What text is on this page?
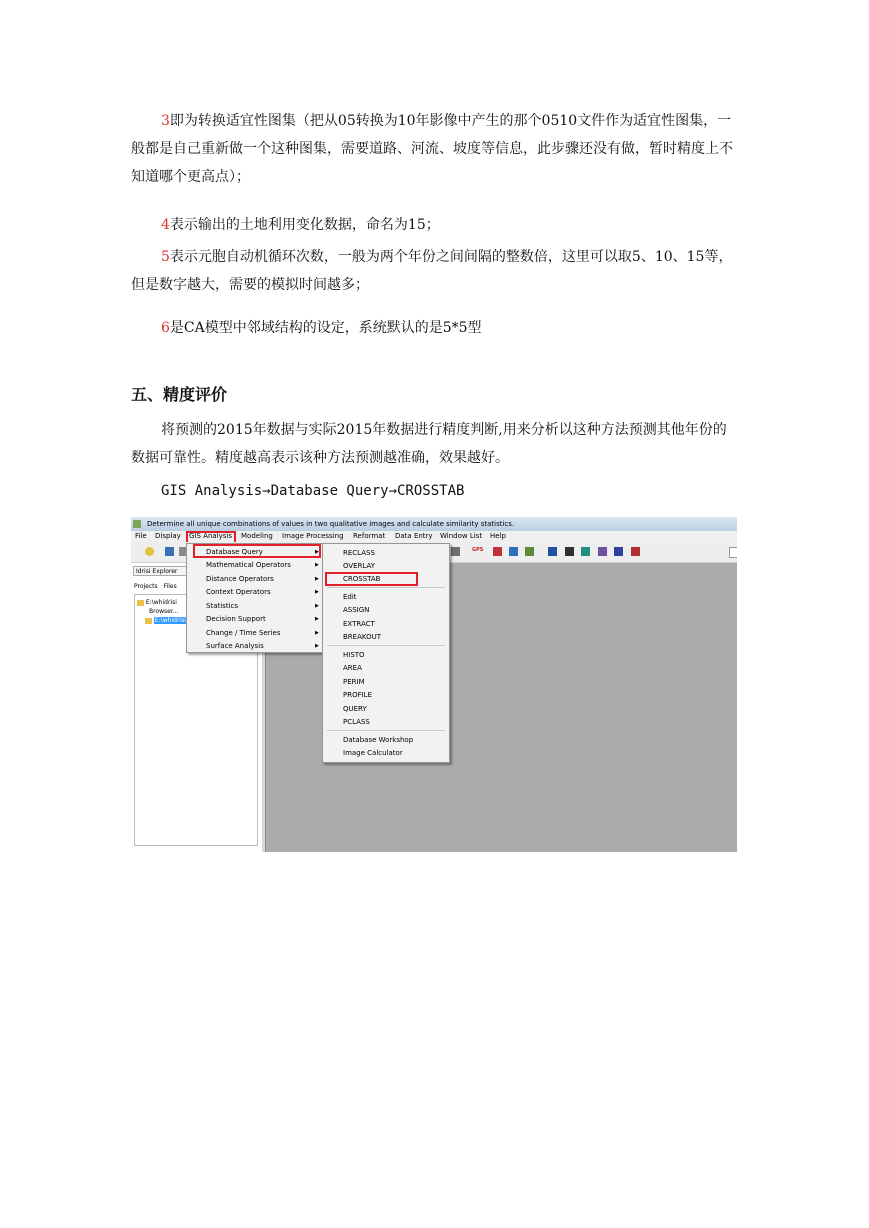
3即为转换适宜性图集（把从05转换为10年影像中产生的那个0510文件作为适宜性图集，一般都是自己重新做一个这种图集，需要道路、河流、坡度等信息，此步骤还没有做，暂时精度上不知道哪个更高点）；

4表示输出的土地利用变化数据，命名为15；

5表示元胞自动机循环次数，一般为两个年份之间间隔的整数倍，这里可以取5、10、15等，但是数字越大，需要的模拟时间越多；

6是CA模型中邻域结构的设定，系统默认的是5*5型

五、精度评价

将预测的2015年数据与实际2015年数据进行精度判断,用来分析以这种方法预测其他年份的数据可靠性。精度越高表示该种方法预测越准确，效果越好。

GIS Analysis→Database Query→CROSSTAB
Determine all unique combinations of values in two qualitative images and calculate similarity statistics.
File Display GIS Analysis Modeling Image Processing Reformat Data Entry Window List Help
GPS
Idrisi Explorer
Projects Files
E:\whidrisi
Browser...
E:\whidrisi
Database Query	▶
Mathematical Operators	▶
Distance Operators	▶
Context Operators	▶
Statistics	▶
Decision Support	▶
Change / Time Series	▶
Surface Analysis	▶
RECLASS
OVERLAY
CROSSTAB
Edit
ASSIGN
EXTRACT
BREAKOUT
HISTO
AREA
PERIM
PROFILE
QUERY
PCLASS
Database Workshop
Image Calculator
